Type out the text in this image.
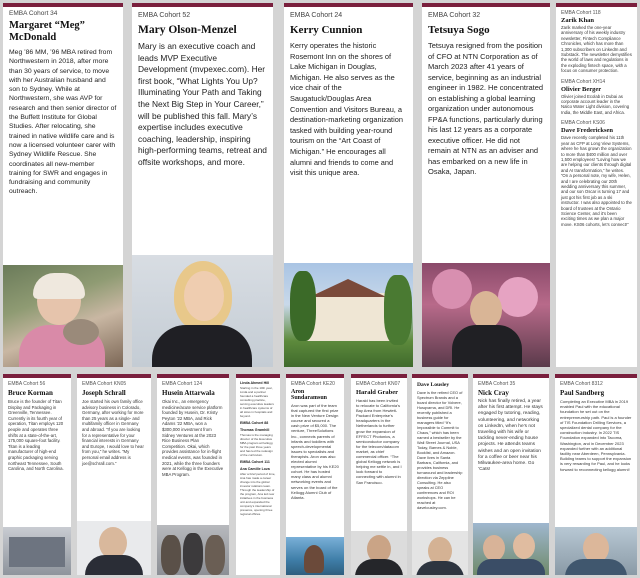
EMBA Cohort 34
Margaret “Meg” McDonald
Meg ’86 MM, ’96 MBA retired from Northwestern in 2018, after more than 30 years of service, to move with her Australian husband and son to Sydney. While at Northwestern, she was AVP for research and then senior director of the Buffett Institute for Global Studies. After relocating, she trained in native wildlife care and is now a licensed volunteer carer with Sydney Wildlife Rescue. She coordinates all new-member training for SWR and engages in fundraising and community outreach.
EMBA Cohort 52
Mary Olson-Menzel
Mary is an executive coach and leads MVP Executive Development (mvpexec.com). Her first book, “What Lights You Up? Illuminating Your Path and Taking the Next Big Step in Your Career,” will be published this fall. Mary’s expertise includes executive coaching, leadership, inspiring high-performing teams, retreat and offsite workshops, and more.
EMBA Cohort 24
Kerry Cunnion
Kerry operates the historic Rosemont Inn on the shores of Lake Michigan in Douglas, Michigan. He also serves as the vice chair of the Saugatuck/Douglas Area Convention and Visitors Bureau, a destination-marketing organization tasked with building year-round tourism on the “Art Coast of Michigan.” He encourages all alumni and friends to come and visit this unique area.
EMBA Cohort 32
Tetsuya Sogo
Tetsuya resigned from the position of CFO at NTN Corporation as of March 2023 after 41 years of service, beginning as an industrial engineer in 1982. He concentrated on establishing a global learning organization under autonomous FP&A functions, particularly during his last 12 years as a corporate executive officer. He did not remain at NTN as an adviser and has embarked on a new life in Osaka, Japan.
EMBA Cohort 118
Zarik Khan
Zarik marked the one-year anniversary of his weekly industry newsletter, Fintech Compliance Chronicles, which has more than 1,300 subscribers on LinkedIn and Substack. The newsletter demystifies the world of laws and regulations in the exploding fintech space, with a focus on consumer protection.
EMBA Cohort XH14
Olivier Berger
Olivier joined Ecolab in Dubai as corporate account leader in the Nalco Water Light division, covering India, the Middle East, and Africa.
EMBA Cohort KS06
Dave Fredericksen
Dave recently completed his 11th year as CFP at Long View Systems, where he has grown the organization to more than $400 million and over 1,500 employees! “Loving how we are helping our clients through digital and AI transformation,” he writes. “On a personal note, my wife, Helen, and I are celebrating our 20th wedding anniversary this summer, and our son Oscar is turning 17 and just got his first job as a ski instructor. I was also appointed to the board of trustees at the Ontario Science Center, and it’s been exciting times as we plan a major move. KS06 cohorts, let’s connect!”
EMBA Cohort 56
Bruce Korman
Bruce is the founder of Titan Display and Packaging in Greenville, Tennessee. Currently in its fourth year of operation, Titan employs 120 people and operates three shifts at a state-of-the-art, 175,000 square-foot facility. Titan is a leading manufacturer of high-end graphic packaging serving northeast Tennessee, South Carolina, and North Carolina.
EMBA Cohort KN05
Joseph Schrall
Joe started his own family office advisory business in Colorado, Germany, after working for more than 25 years as a single- and multifamily officer in Germany and abroad. “If you are looking for a representative for your financial interests in Germany and Europe, I would love to hear from you,” he writes. “My personal email address is joe@schrall.com.”
EMBA Cohort 124
Husein Attarwala
Okai Inc., an emergency medicine/acute service platform founded by Husein, Dr. Kristy Peyton ’22 MBA, and Rick Adams ’22 MBA, won a $300,000 investment from Sidney Ventures at the 2023 Rice Business Plan Competition. Okai, which provides assistance for in-flight medical events, was founded in 2021, while the three founders were at Kellogg in the Executive MBA Program.
Linda Ahmed Hill
Starting in the 10th year, Linda and a partner founded a healthcare consulting practice, serving executive leaders in healthcare systems of all sizes in hospitals and beyond.
EMBA Cohort 88
Thomas Gramhill
Thomas is the managing director of the Executive MBA program at Kellogg for the past three years and has led the redesign of the curriculum.
EMBA Cohort 111
Ana Camille Loza
After a brief period of time, Ana has made a career change into the global investor relations team. Through the leadership of the program, Ana led new initiatives in the business unit and expanded the company’s international presence, opening three regional offices.
EMBA Cohort KE20
Aron Sundaramsun
Aron was part of the team that captured the first prize in the New Venture Design course and secured a cash prize of $5,000. The venture, ThreeSolutions Inc., connects parents of infants and toddlers with speech-developmental issues to specialists and therapists. Aron was also elected alumni representative by his KE20 cohort. He has hosted many class and alumni networking events and serves on the board of the Kellogg Alumni Club of Atlanta.
EMBA Cohort KN07
Harald Graber
Harald has been invited to relocate to California’s Bay Area from Hewlett-Packard Enterprise’s headquarters in the Netherlands to further grow the expansion of EFFECT Photonics, a semiconductor company for the telecom/datacom market, as chief commercial officer. “The global Kellogg network is helping me settle in, and I look forward to connecting with alumni in San Francisco.
Dave Lousley
Dave is the retired CEO of Spectrum Brands and a board director for Volvere, Husqvarna, and DRI. He recently published a business guide for managers titled “It’s Impossible to Commit to Chaos,” which has been named a bestseller by the Wall Street Journal, USA Today, Barnes & Noble, Booklist, and Amazon. Dave lives in Santa Barbara, California, and provides business turnaround and leadership direction via Zeppline Consulting. He also speaks at CEO conferences and ROI workshops. He can be reached at davelousley.com.
EMBA Cohort 35
Nick Cray
Nick has finally retired, a year after his first attempt. He stays engaged by tutoring, reading, volunteering, and networking on LinkedIn, when he’s not traveling with his wife or tackling never-ending house projects. He attends teams wishes and an open invitation for a coffee or beer near his Milwaukee-area home. Go ‘Cats!
EMBA Cohort 8312
Paul Sandberg
Completing an Executive MBA in 2019 enabled Paul with the educational foundation he set out on the entrepreneurship path. Paul is a founder of TIS Foundation Drilling Services, a specialized dental company for the construction industry. In 2022 TIS Foundation expanded into Tacoma, Washington, and in December 2023 expanded further with an additional facility near Aberdeen, Pennsylvania. Building teams to support the expansion is very rewarding for Paul, and he looks forward to reconnecting kellogg alumni!
